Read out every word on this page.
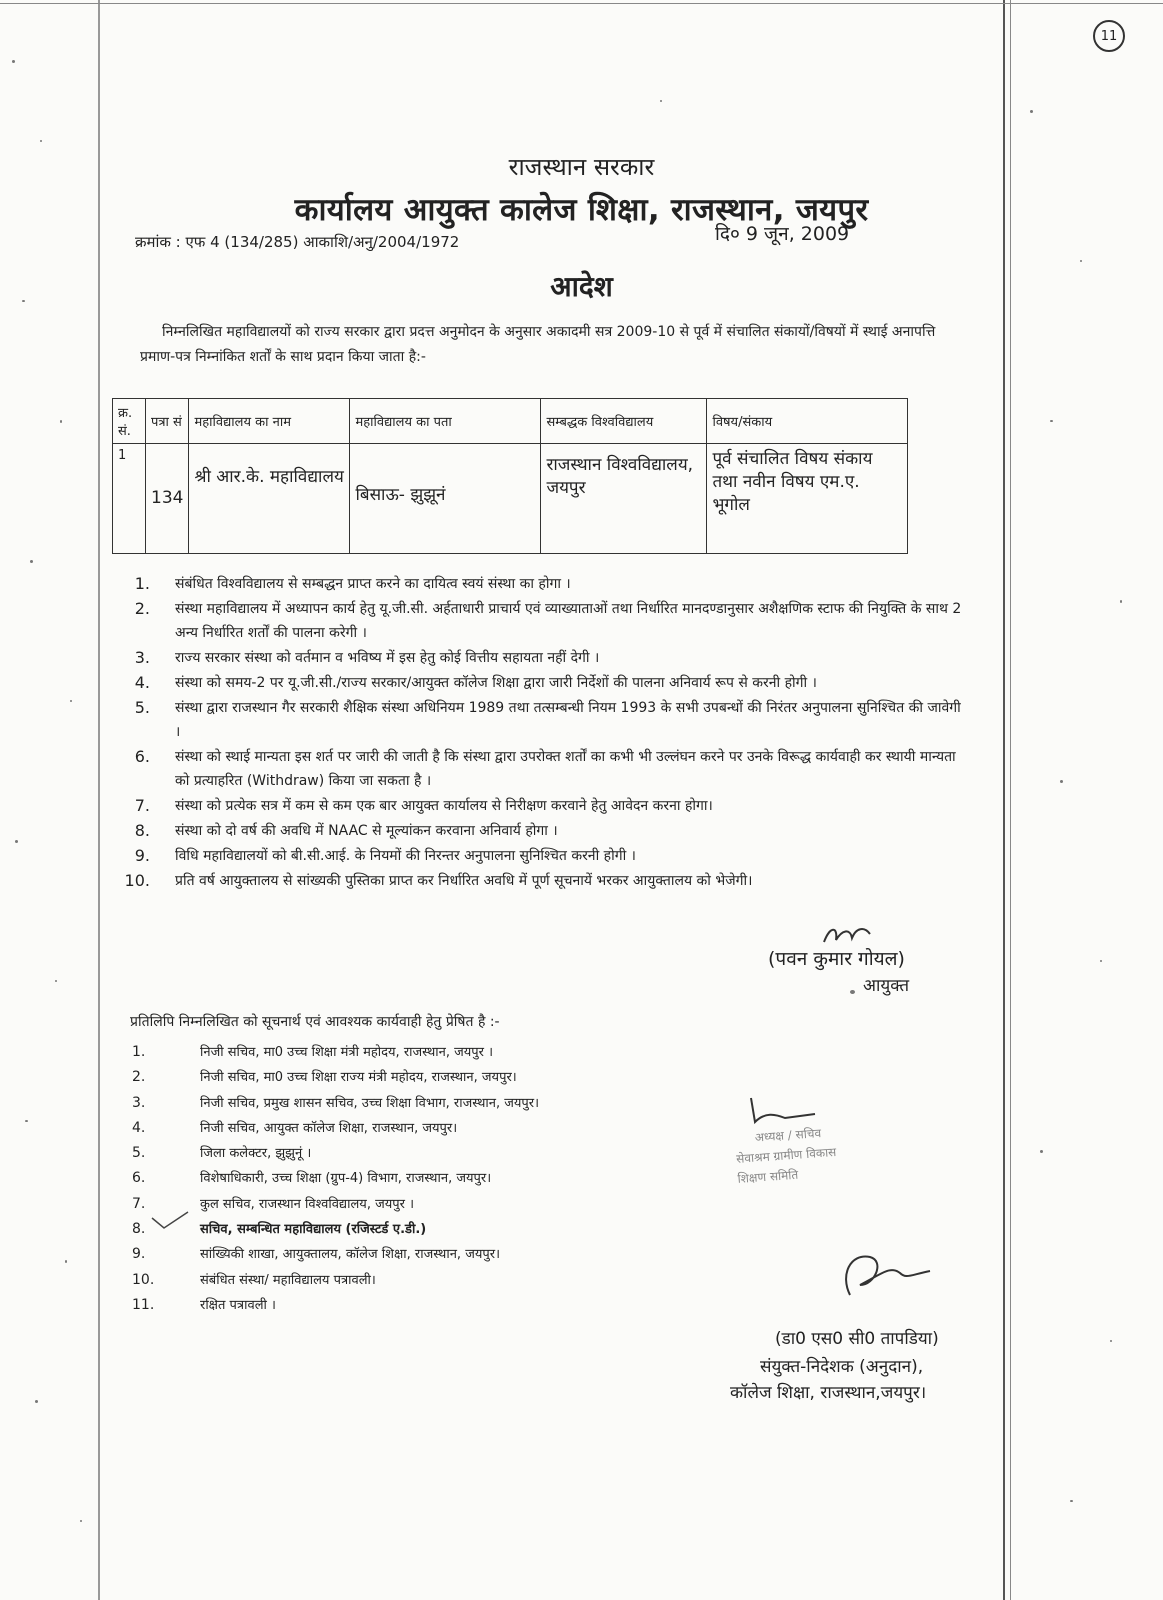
11
राजस्थान सरकार
कार्यालय आयुक्त कालेज शिक्षा, राजस्थान, जयपुर
क्रमांक : एफ 4 (134/285) आकाशि/अनु/2004/1972	दि० 9 जून, 2009
आदेश
निम्नलिखित महाविद्यालयों को राज्य सरकार द्वारा प्रदत्त अनुमोदन के अनुसार अकादमी सत्र 2009-10 से पूर्व में संचालित संकायों/विषयों में स्थाई अनापत्ति प्रमाण-पत्र निम्नांकित शर्तों के साथ प्रदान किया जाता है:-
क्र. सं.	पत्रा सं	महाविद्यालय का नाम	महाविद्यालय का पता	सम्बद्धक विश्वविद्यालय	विषय/संकाय
1	134	श्री आर.के. महाविद्यालय	बिसाऊ- झुझूनं	राजस्थान विश्वविद्यालय, जयपुर	पूर्व संचालित विषय संकाय तथा नवीन विषय एम.ए. भूगोल
1. संबंधित विश्वविद्यालय से सम्बद्धन प्राप्त करने का दायित्व स्वयं संस्था का होगा ।
2. संस्था महाविद्यालय में अध्यापन कार्य हेतु यू.जी.सी. अर्हताधारी प्राचार्य एवं व्याख्याताओं तथा निर्धारित मानदण्डानुसार अशैक्षणिक स्टाफ की नियुक्ति के साथ 2 अन्य निर्धारित शर्तों की पालना करेगी ।
3. राज्य सरकार संस्था को वर्तमान व भविष्य में इस हेतु कोई वित्तीय सहायता नहीं देगी ।
4. संस्था को समय-2 पर यू.जी.सी./राज्य सरकार/आयुक्त कॉलेज शिक्षा द्वारा जारी निर्देशों की पालना अनिवार्य रूप से करनी होगी ।
5. संस्था द्वारा राजस्थान गैर सरकारी शैक्षिक संस्था अधिनियम 1989 तथा तत्सम्बन्धी नियम 1993 के सभी उपबन्धों की निरंतर अनुपालना सुनिश्चित की जावेगी ।
6. संस्था को स्थाई मान्यता इस शर्त पर जारी की जाती है कि संस्था द्वारा उपरोक्त शर्तों का कभी भी उल्लंघन करने पर उनके विरूद्ध कार्यवाही कर स्थायी मान्यता को प्रत्याहरित (Withdraw) किया जा सकता है ।
7. संस्था को प्रत्येक सत्र में कम से कम एक बार आयुक्त कार्यालय से निरीक्षण करवाने हेतु आवेदन करना होगा।
8. संस्था को दो वर्ष की अवधि में NAAC से मूल्यांकन करवाना अनिवार्य होगा ।
9. विधि महाविद्यालयों को बी.सी.आई. के नियमों की निरन्तर अनुपालना सुनिश्चित करनी होगी ।
10. प्रति वर्ष आयुक्तालय से सांख्यकी पुस्तिका प्राप्त कर निर्धारित अवधि में पूर्ण सूचनायें भरकर आयुक्तालय को भेजेगी।
(पवन कुमार गोयल)
आयुक्त
प्रतिलिपि निम्नलिखित को सूचनार्थ एवं आवश्यक कार्यवाही हेतु प्रेषित है :-
1.	निजी सचिव, मा0 उच्च शिक्षा मंत्री महोदय, राजस्थान, जयपुर ।
2.	निजी सचिव, मा0 उच्च शिक्षा राज्य मंत्री महोदय, राजस्थान, जयपुर।
3.	निजी सचिव, प्रमुख शासन सचिव, उच्च शिक्षा विभाग, राजस्थान, जयपुर।
4.	निजी सचिव, आयुक्त कॉलेज शिक्षा, राजस्थान, जयपुर।
5.	जिला कलेक्टर, झुझुनूं ।
6.	विशेषाधिकारी, उच्च शिक्षा (ग्रुप-4) विभाग, राजस्थान, जयपुर।
7.	कुल सचिव, राजस्थान विश्वविद्यालय, जयपुर ।
8.	सचिव, सम्बन्धित महाविद्यालय (रजिस्टर्ड ए.डी.)
9.	सांख्यिकी शाखा, आयुक्तालय, कॉलेज शिक्षा, राजस्थान, जयपुर।
10.	संबंधित संस्था/ महाविद्यालय पत्रावली।
11.	रक्षित पत्रावली ।
अध्यक्ष / सचिव
सेवाश्रम ग्रामीण विकास
शिक्षण समिति
(डा0 एस0 सी0 तापडिया)
संयुक्त-निदेशक (अनुदान),
कॉलेज शिक्षा, राजस्थान,जयपुर।
